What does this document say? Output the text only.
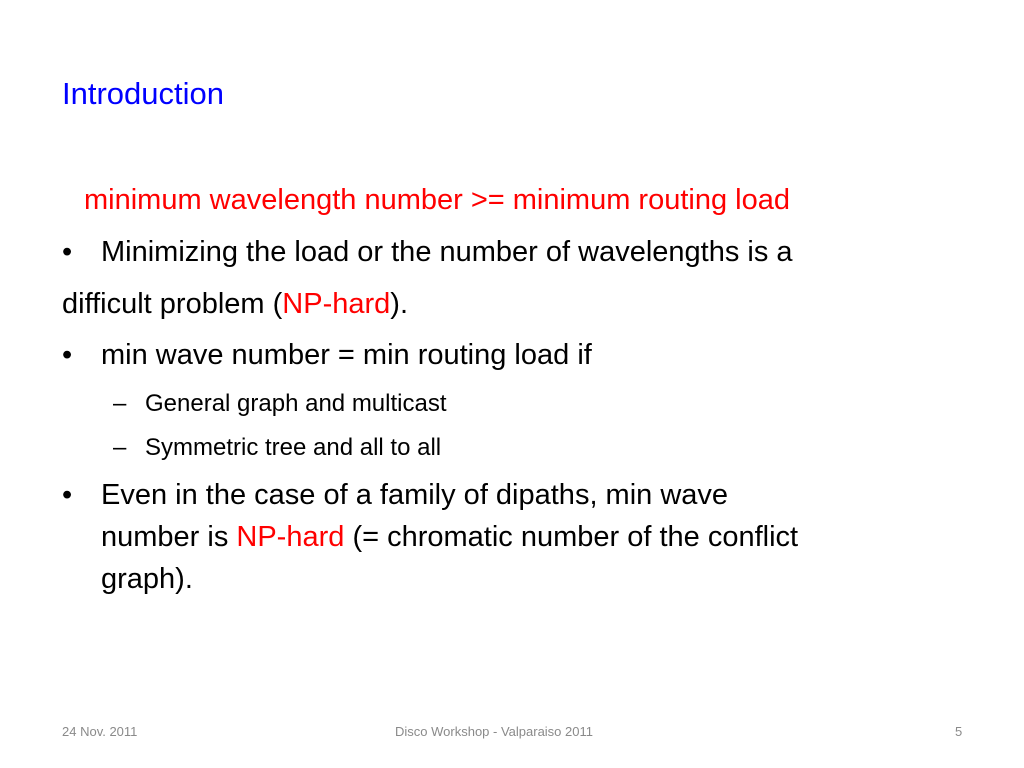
Introduction
minimum wavelength number >= minimum routing load
• Minimizing the load or the number of wavelengths is a
difficult problem (NP-hard).
• min wave number = min routing load if
– General graph and multicast
– Symmetric tree and all to all
• Even in the case of a family of dipaths, min wave
number is NP-hard (= chromatic number of the conflict
graph).
24 Nov. 2011	Disco Workshop - Valparaiso 2011	5
